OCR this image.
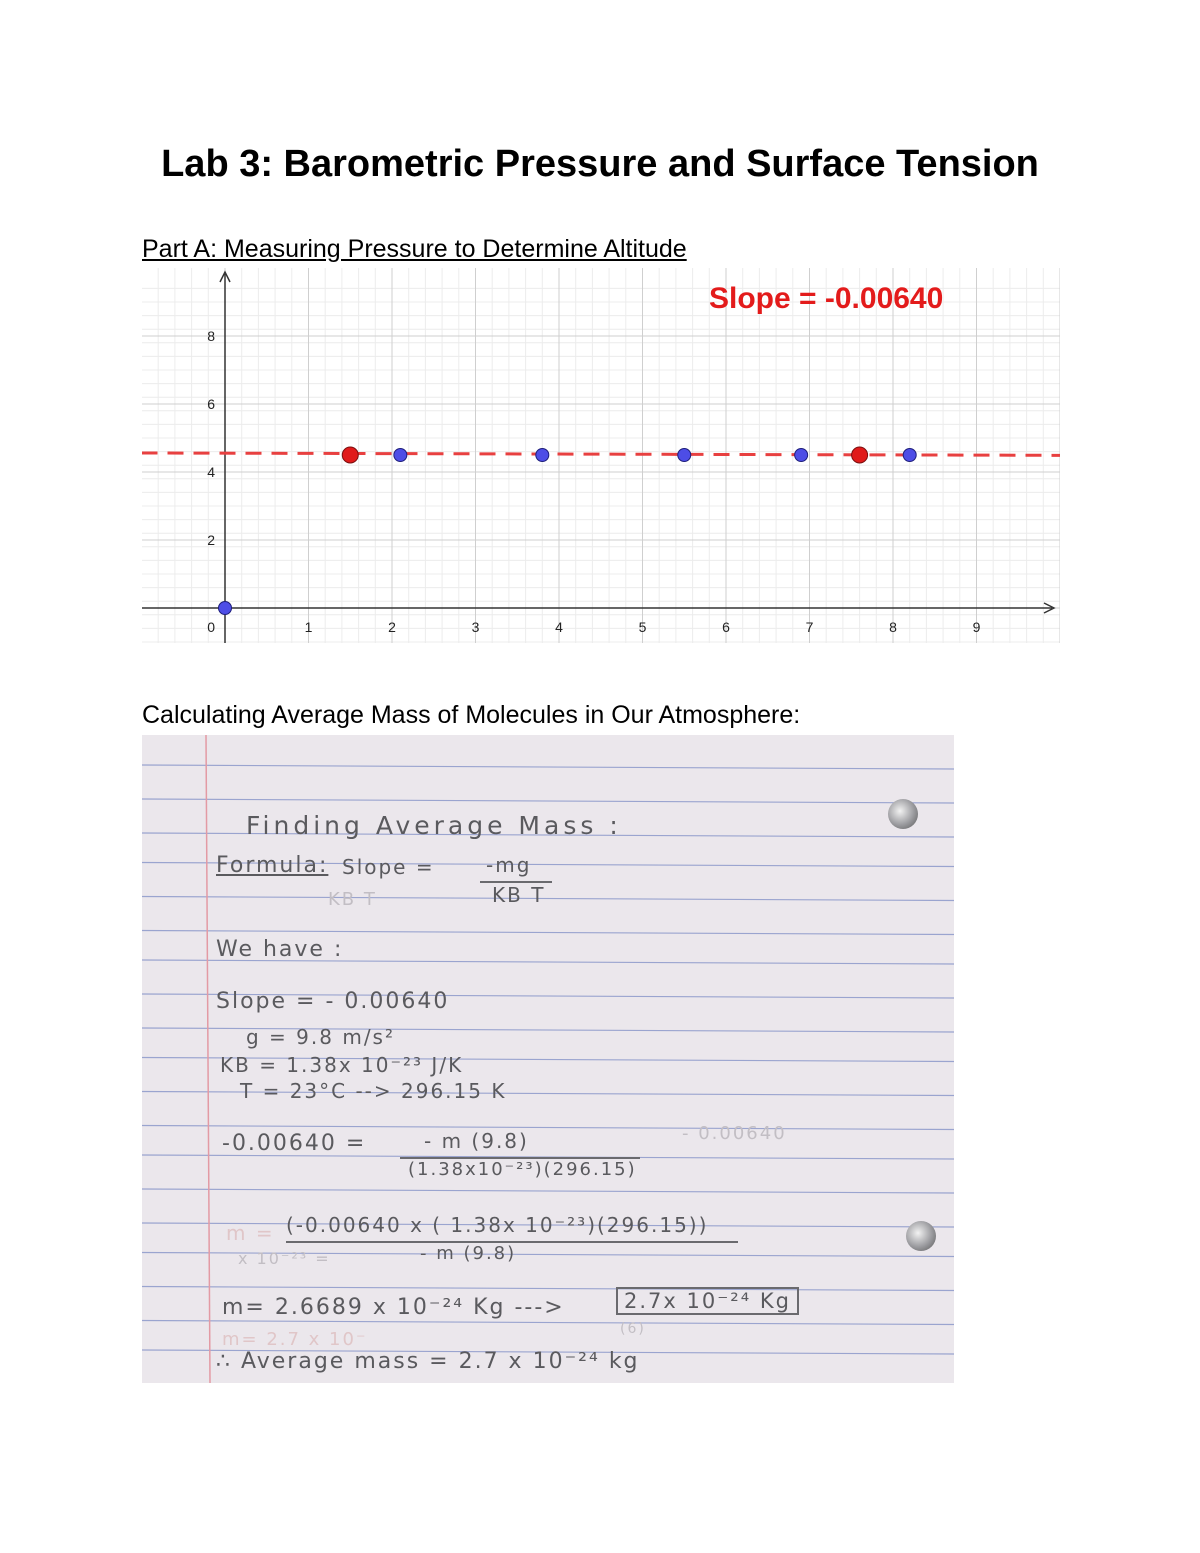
Lab 3: Barometric Pressure and Surface Tension
Part A: Measuring Pressure to Determine Altitude
1	2	3	4	5	6	7	8	9
2
4
6
8
0
Slope = -0.00640
Calculating Average Mass of Molecules in Our Atmosphere:
Finding Average Mass :
Formula: Slope =	-mg
KB T
KB T
We have :
Slope = - 0.00640
g = 9.8 m/s²
KB = 1.38x 10⁻²³ J/K
T = 23°C --> 296.15 K
-0.00640 =	- m (9.8)
(1.38x10⁻²³)(296.15)
- 0.00640
m = (-0.00640 x ( 1.38x 10⁻²³)(296.15))
- m (9.8)
x 10⁻²³ =
m= 2.6689 x 10⁻²⁴ Kg --->	2.7x 10⁻²⁴ Kg
m= 2.7 x 10⁻	(6)
∴ Average mass = 2.7 x 10⁻²⁴ kg
